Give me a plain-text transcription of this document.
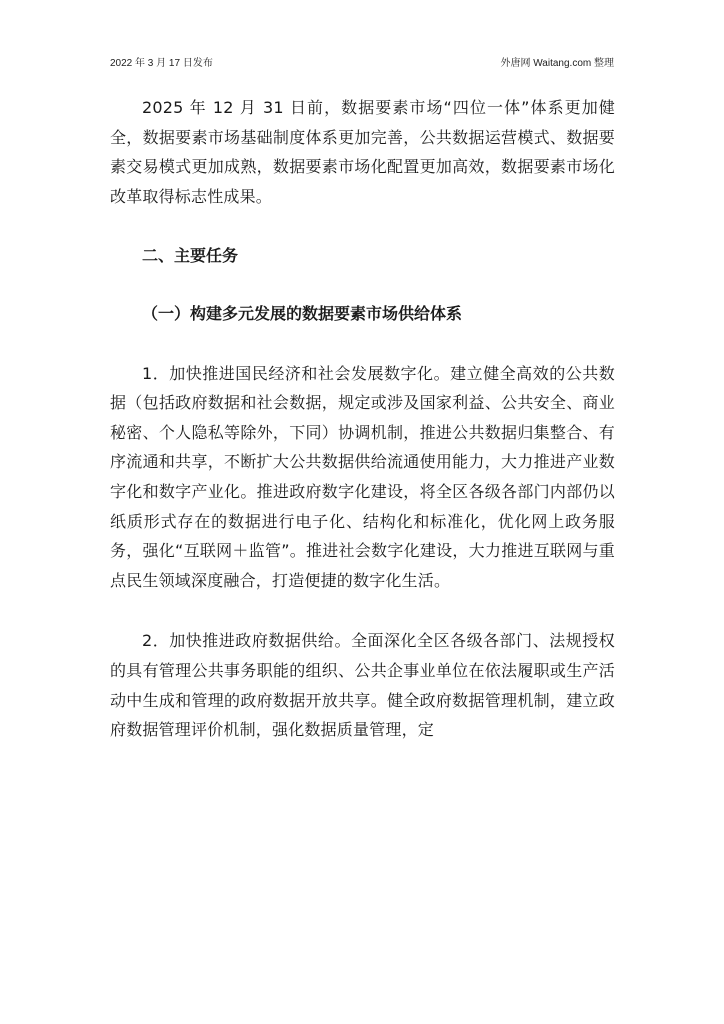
2022 年 3 月 17 日发布	外唐网 Waitang.com 整理

2025 年 12 月 31 日前，数据要素市场“四位一体”体系更加健全，数据要素市场基础制度体系更加完善，公共数据运营模式、数据要素交易模式更加成熟，数据要素市场化配置更加高效，数据要素市场化改革取得标志性成果。

二、主要任务

（一）构建多元发展的数据要素市场供给体系

1．加快推进国民经济和社会发展数字化。建立健全高效的公共数据（包括政府数据和社会数据，规定或涉及国家利益、公共安全、商业秘密、个人隐私等除外，下同）协调机制，推进公共数据归集整合、有序流通和共享，不断扩大公共数据供给流通使用能力，大力推进产业数字化和数字产业化。推进政府数字化建设，将全区各级各部门内部仍以纸质形式存在的数据进行电子化、结构化和标准化，优化网上政务服务，强化“互联网＋监管”。推进社会数字化建设，大力推进互联网与重点民生领域深度融合，打造便捷的数字化生活。

2．加快推进政府数据供给。全面深化全区各级各部门、法规授权的具有管理公共事务职能的组织、公共企事业单位在依法履职或生产活动中生成和管理的政府数据开放共享。健全政府数据管理机制，建立政府数据管理评价机制，强化数据质量管理，定
